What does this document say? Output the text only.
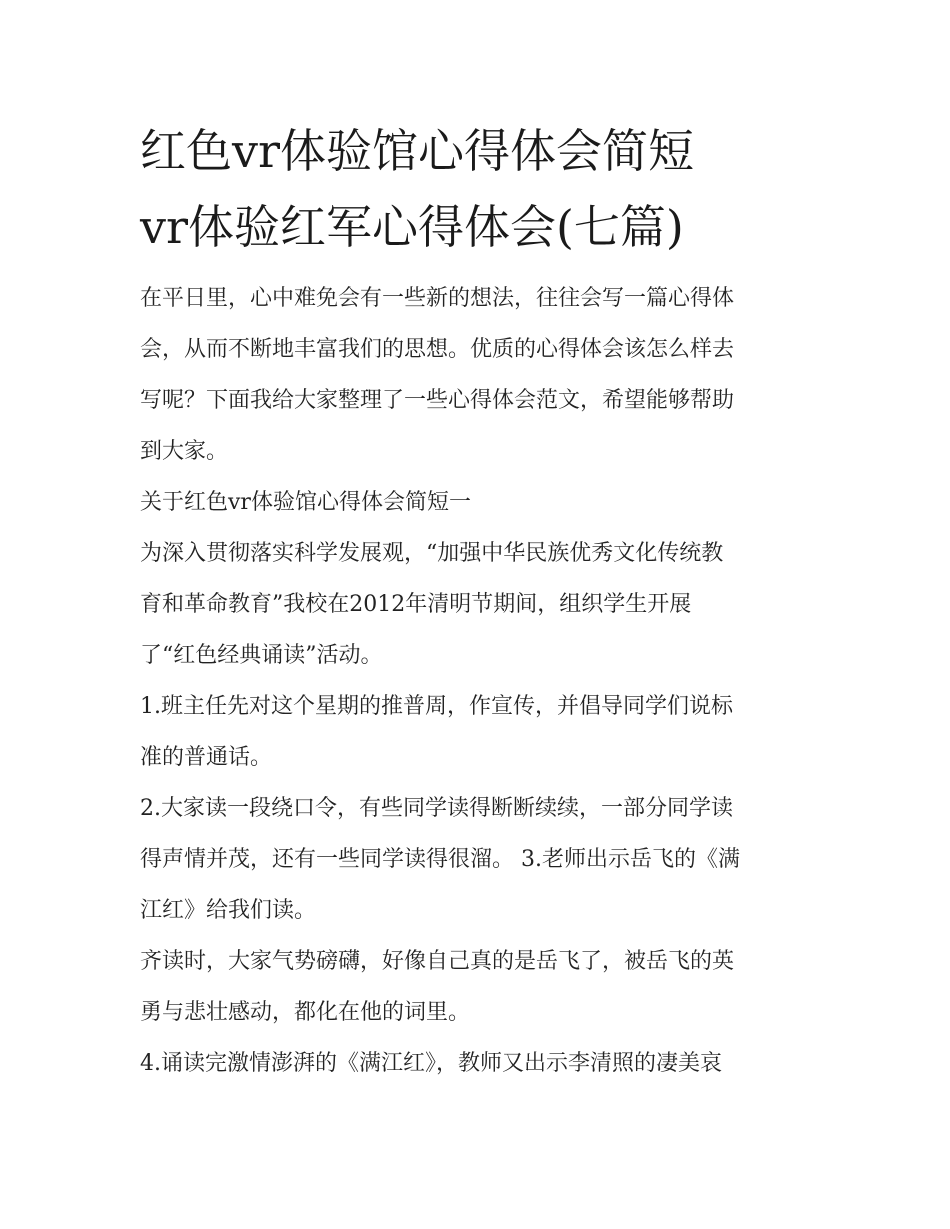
红色vr体验馆心得体会简短
vr体验红军心得体会(七篇)

在平日里，心中难免会有一些新的想法，往往会写一篇心得体

会，从而不断地丰富我们的思想。优质的心得体会该怎么样去

写呢？下面我给大家整理了一些心得体会范文，希望能够帮助

到大家。

关于红色vr体验馆心得体会简短一

为深入贯彻落实科学发展观，“加强中华民族优秀文化传统教

育和革命教育”我校在2012年清明节期间，组织学生开展

了“红色经典诵读”活动。

1.班主任先对这个星期的推普周，作宣传，并倡导同学们说标

准的普通话。

2.大家读一段绕口令，有些同学读得断断续续，一部分同学读

得声情并茂，还有一些同学读得很溜。 3.老师出示岳飞的《满

江红》给我们读。

齐读时，大家气势磅礴，好像自己真的是岳飞了，被岳飞的英

勇与悲壮感动，都化在他的词里。

4.诵读完激情澎湃的《满江红》，教师又出示李清照的凄美哀
